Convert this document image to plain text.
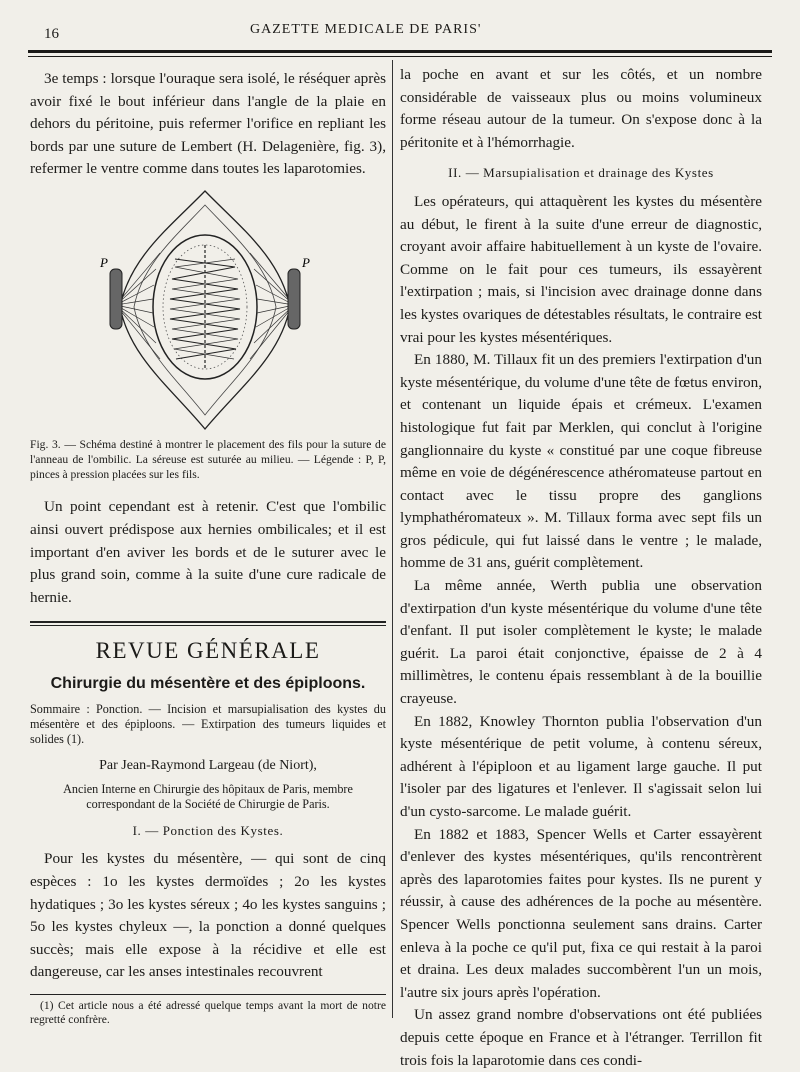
16	GAZETTE MEDICALE DE PARIS'

3e temps : lorsque l'ouraque sera isolé, le réséquer après avoir fixé le bout inférieur dans l'angle de la plaie en dehors du péritoine, puis refermer l'orifice en repliant les bords par une suture de Lembert (H. Delagenière, fig. 3), refermer le ventre comme dans toutes les laparotomies.

P	P

Fig. 3. — Schéma destiné à montrer le placement des fils pour la suture de l'anneau de l'ombilic. La séreuse est suturée au milieu. — Légende : P, P, pinces à pression placées sur les fils.

Un point cependant est à retenir. C'est que l'ombilic ainsi ouvert prédispose aux hernies ombilicales; et il est important d'en aviver les bords et de le suturer avec le plus grand soin, comme à la suite d'une cure radicale de hernie.

REVUE GÉNÉRALE
Chirurgie du mésentère et des épiploons.

Sommaire : Ponction. — Incision et marsupialisation des kystes du mésentère et des épiploons. — Extirpation des tumeurs liquides et solides (1).

Par Jean-Raymond Largeau (de Niort),

Ancien Interne en Chirurgie des hôpitaux de Paris, membre correspondant de la Société de Chirurgie de Paris.

I. — Ponction des Kystes.

Pour les kystes du mésentère, — qui sont de cinq espèces : 1o les kystes dermoïdes ; 2o les kystes hydatiques ; 3o les kystes séreux ; 4o les kystes sanguins ; 5o les kystes chyleux —, la ponction a donné quelques succès; mais elle expose à la récidive et elle est dangereuse, car les anses intestinales recouvrent

(1) Cet article nous a été adressé quelque temps avant la mort de notre regretté confrère.

la poche en avant et sur les côtés, et un nombre considérable de vaisseaux plus ou moins volumineux forme réseau autour de la tumeur. On s'expose donc à la péritonite et à l'hémorrhagie.

II. — Marsupialisation et drainage des Kystes

Les opérateurs, qui attaquèrent les kystes du mésentère au début, le firent à la suite d'une erreur de diagnostic, croyant avoir affaire habituellement à un kyste de l'ovaire. Comme on le fait pour ces tumeurs, ils essayèrent l'extirpation ; mais, si l'incision avec drainage donne dans les kystes ovariques de détestables résultats, le contraire est vrai pour les kystes mésentériques.

En 1880, M. Tillaux fit un des premiers l'extirpation d'un kyste mésentérique, du volume d'une tête de fœtus environ, et contenant un liquide épais et crémeux. L'examen histologique fut fait par Merklen, qui conclut à l'origine ganglionnaire du kyste « constitué par une coque fibreuse même en voie de dégénérescence athéromateuse partout en contact avec le tissu propre des ganglions lymphathéromateux ». M. Tillaux forma avec sept fils un gros pédicule, qui fut laissé dans le ventre ; le malade, homme de 31 ans, guérit complètement.

La même année, Werth publia une observation d'extirpation d'un kyste mésentérique du volume d'une tête d'enfant. Il put isoler complètement le kyste; le malade guérit. La paroi était conjonctive, épaisse de 2 à 4 millimètres, le contenu épais ressemblant à de la bouillie crayeuse.

En 1882, Knowley Thornton publia l'observation d'un kyste mésentérique de petit volume, à contenu séreux, adhérent à l'épiploon et au ligament large gauche. Il put l'isoler par des ligatures et l'enlever. Il s'agissait selon lui d'un cysto-sarcome. Le malade guérit.

En 1882 et 1883, Spencer Wells et Carter essayèrent d'enlever des kystes mésentériques, qu'ils rencontrèrent après des laparotomies faites pour kystes. Ils ne purent y réussir, à cause des adhérences de la poche au mésentère. Spencer Wells ponctionna seulement sans drains. Carter enleva à la poche ce qu'il put, fixa ce qui restait à la paroi et draina. Les deux malades succombèrent l'un un mois, l'autre six jours après l'opération.

Un assez grand nombre d'observations ont été publiées depuis cette époque en France et à l'étranger. Terrillon fit trois fois la laparotomie dans ces condi-
